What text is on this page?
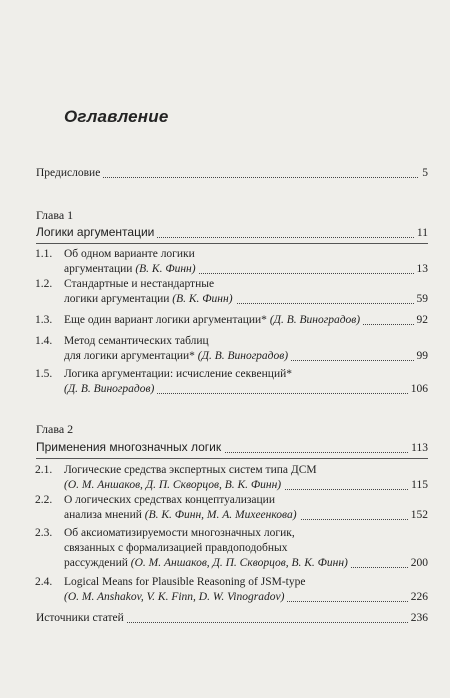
Оглавление
Предисловие	5
Глава 1
Логики аргументации	11
1.1. Об одном варианте логики
аргументации (В. К. Финн)	13
1.2. Стандартные и нестандартные
логики аргументации (В. К. Финн)	59
1.3. Еще один вариант логики аргументации* (Д. В. Виноградов)	92
1.4. Метод семантических таблиц
для логики аргументации* (Д. В. Виноградов)	99
1.5. Логика аргументации: исчисление секвенций*
(Д. В. Виноградов)	106
Глава 2
Применения многозначных логик	113
2.1. Логические средства экспертных систем типа ДСМ
(О. М. Аншаков, Д. П. Скворцов, В. К. Финн)	115
2.2. О логических средствах концептуализации
анализа мнений (В. К. Финн, М. А. Михеенкова)	152
2.3. Об аксиоматизируемости многозначных логик,
связанных с формализацией правдоподобных
рассуждений (О. М. Аншаков, Д. П. Скворцов, В. К. Финн)	200
2.4. Logical Means for Plausible Reasoning of JSM-type
(O. M. Anshakov, V. K. Finn, D. W. Vinogradov)	226
Источники статей	236
